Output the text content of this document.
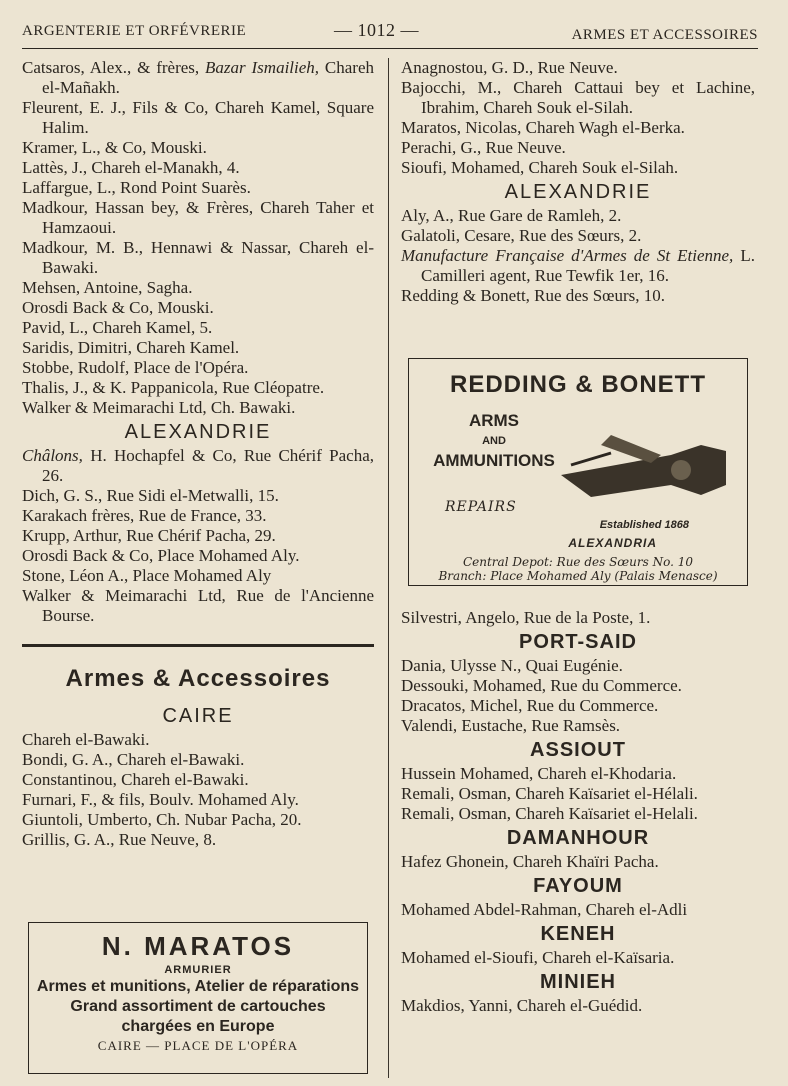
ARGENTERIE ET ORFÉVRERIE	— 1012 —	ARMES ET ACCESSOIRES
Catsaros, Alex., & frères, Bazar Ismailieh, Chareh el-Mañakh.
Fleurent, E. J., Fils & Co, Chareh Kamel, Square Halim.
Kramer, L., & Co, Mouski.
Lattès, J., Chareh el-Manakh, 4.
Laffargue, L., Rond Point Suarès.
Madkour, Hassan bey, & Frères, Chareh Taher et Hamzaoui.
Madkour, M. B., Hennawi & Nassar, Chareh el-Bawaki.
Mehsen, Antoine, Sagha.
Orosdi Back & Co, Mouski.
Pavid, L., Chareh Kamel, 5.
Saridis, Dimitri, Chareh Kamel.
Stobbe, Rudolf, Place de l'Opéra.
Thalis, J., & K. Pappanicola, Rue Cléopatre.
Walker & Meimarachi Ltd, Ch. Bawaki.
ALEXANDRIE
Châlons, H. Hochapfel & Co, Rue Chérif Pacha, 26.
Dich, G. S., Rue Sidi el-Metwalli, 15.
Karakach frères, Rue de France, 33.
Krupp, Arthur, Rue Chérif Pacha, 29.
Orosdi Back & Co, Place Mohamed Aly.
Stone, Léon A., Place Mohamed Aly
Walker & Meimarachi Ltd, Rue de l'Ancienne Bourse.
Armes & Accessoires
CAIRE
Chareh el-Bawaki.
Bondi, G. A., Chareh el-Bawaki.
Constantinou, Chareh el-Bawaki.
Furnari, F., & fils, Boulv. Mohamed Aly.
Giuntoli, Umberto, Ch. Nubar Pacha, 20.
Grillis, G. A., Rue Neuve, 8.
N. MARATOS
ARMURIER
Armes et munitions, Atelier de réparations
Grand assortiment de cartouches
chargées en Europe
CAIRE — PLACE DE L'OPÉRA
Anagnostou, G. D., Rue Neuve.
Bajocchi, M., Chareh Cattaui bey et Lachine, Ibrahim, Chareh Souk el-Silah.
Maratos, Nicolas, Chareh Wagh el-Berka.
Perachi, G., Rue Neuve.
Sioufi, Mohamed, Chareh Souk el-Silah.
ALEXANDRIE
Aly, A., Rue Gare de Ramleh, 2.
Galatoli, Cesare, Rue des Sœurs, 2.
Manufacture Française d'Armes de St Etienne, L. Camilleri agent, Rue Tewfik 1er, 16.
Redding & Bonett, Rue des Sœurs, 10.
REDDING & BONETT
ARMS
AND
AMMUNITIONS
REPAIRS
Established 1868
ALEXANDRIA
Central Depot: Rue des Sœurs No. 10
Branch: Place Mohamed Aly (Palais Menasce)
Silvestri, Angelo, Rue de la Poste, 1.
PORT-SAID
Dania, Ulysse N., Quai Eugénie.
Dessouki, Mohamed, Rue du Commerce.
Dracatos, Michel, Rue du Commerce.
Valendi, Eustache, Rue Ramsès.
ASSIOUT
Hussein Mohamed, Chareh el-Khodaria.
Remali, Osman, Chareh Kaïsariet el-Hélali.
Remali, Osman, Chareh Kaïsariet el-Helali.
DAMANHOUR
Hafez Ghonein, Chareh Khaïri Pacha.
FAYOUM
Mohamed Abdel-Rahman, Chareh el-Adli
KENEH
Mohamed el-Sioufi, Chareh el-Kaïsaria.
MINIEH
Makdios, Yanni, Chareh el-Guédid.
